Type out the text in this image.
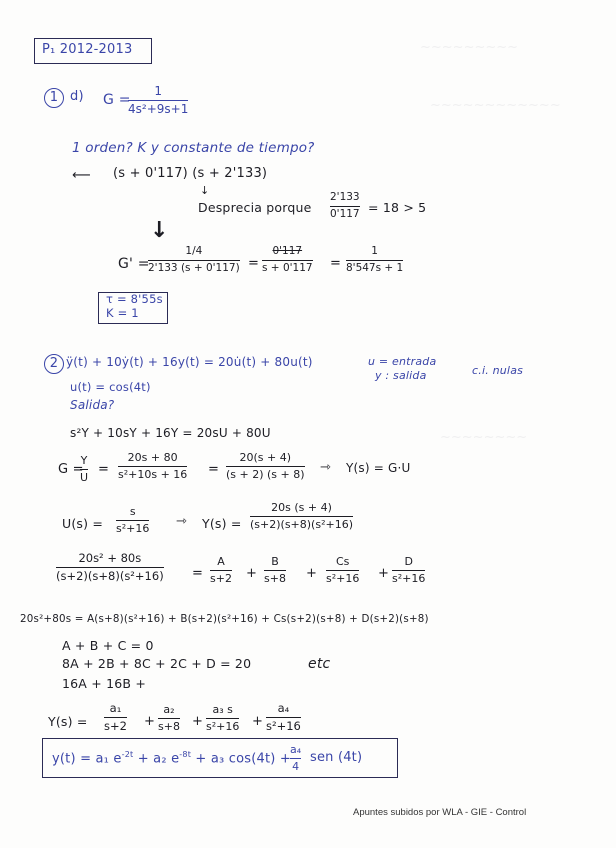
~~~~~~~~~
~~~~~~~~~~~~
~~~~~~~~
P₁ 2012-2013
1 d) G =
1
4s²+9s+1
1 orden? K y constante de tiempo?
⟵ (s + 0'117) (s + 2'133)
↓
Desprecia porque
2'133
0'117 = 18 > 5
↓
G' =
1/4
2'133 (s + 0'117) =
0'117
s + 0'117 =
1
8'547s + 1
τ = 8'55s
K = 1
2 ÿ(t) + 10ẏ(t) + 16y(t) = 20u̇(t) + 80u(t)	u = entrada
y : salida	c.i. nulas
u(t) = cos(4t)
Salida?
s²Y + 10sY + 16Y = 20sU + 80U
G =
Y
U
=
20s + 80
s²+10s + 16 =
20(s + 4)
(s + 2) (s + 8) ⇾ Y(s) = G·U
U(s) =
s
s²+16 ⇾ Y(s) =
20s (s + 4)
(s+2)(s+8)(s²+16)
20s² + 80s
(s+2)(s+8)(s²+16) =
A
s+2 +
B
s+8 +
Cs
s²+16 +
D
s²+16
20s²+80s = A(s+8)(s²+16) + B(s+2)(s²+16) + Cs(s+2)(s+8) + D(s+2)(s+8)
A + B + C = 0
8A + 2B + 8C + 2C + D = 20	etc
16A + 16B +
Y(s) =
a₁
s+2 +
a₂
s+8 +
a₃ s
s²+16 +
a₄
s²+16
y(t) = a₁ $e^{-2t} + a_2$ $e^{-8t} + a_3$ cos(4t) +
a₄
4
sen (4t)
Apuntes subidos por WLA - GIE - Control
